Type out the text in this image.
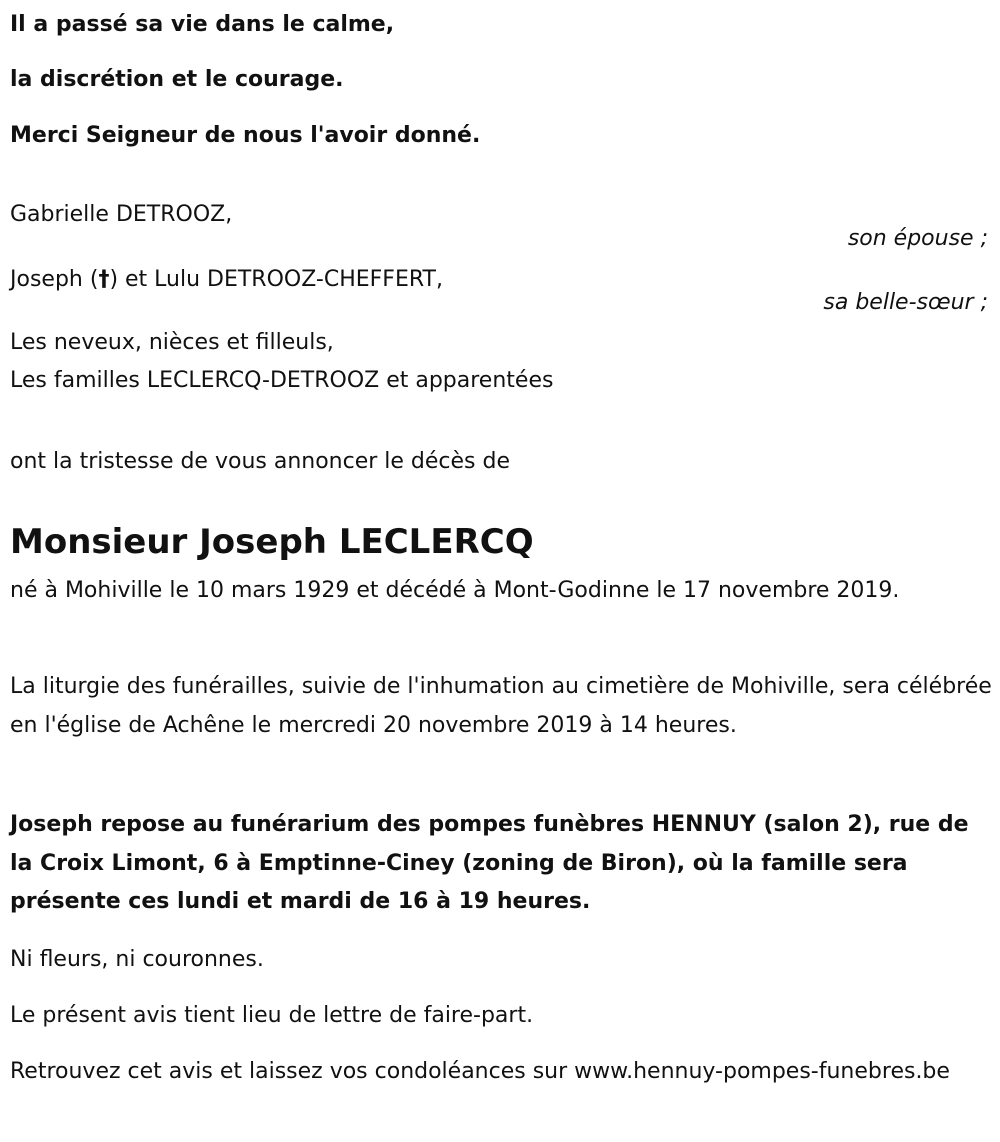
Il a passé sa vie dans le calme,

la discrétion et le courage.

Merci Seigneur de nous l'avoir donné.

Gabrielle DETROOZ,

son épouse ;

Joseph (†) et Lulu DETROOZ-CHEFFERT,

sa belle-sœur ;

Les neveux, nièces et filleuls,

Les familles LECLERCQ-DETROOZ et apparentées

ont la tristesse de vous annoncer le décès de

Monsieur Joseph LECLERCQ

né à Mohiville le 10 mars 1929 et décédé à Mont-Godinne le 17 novembre 2019.

La liturgie des funérailles, suivie de l'inhumation au cimetière de Mohiville, sera célébrée en l'église de Achêne le mercredi 20 novembre 2019 à 14 heures.

Joseph repose au funérarium des pompes funèbres HENNUY (salon 2), rue de la Croix Limont, 6 à Emptinne-Ciney (zoning de Biron), où la famille sera présente ces lundi et mardi de 16 à 19 heures.

Ni fleurs, ni couronnes.

Le présent avis tient lieu de lettre de faire-part.

Retrouvez cet avis et laissez vos condoléances sur www.hennuy-pompes-funebres.be
